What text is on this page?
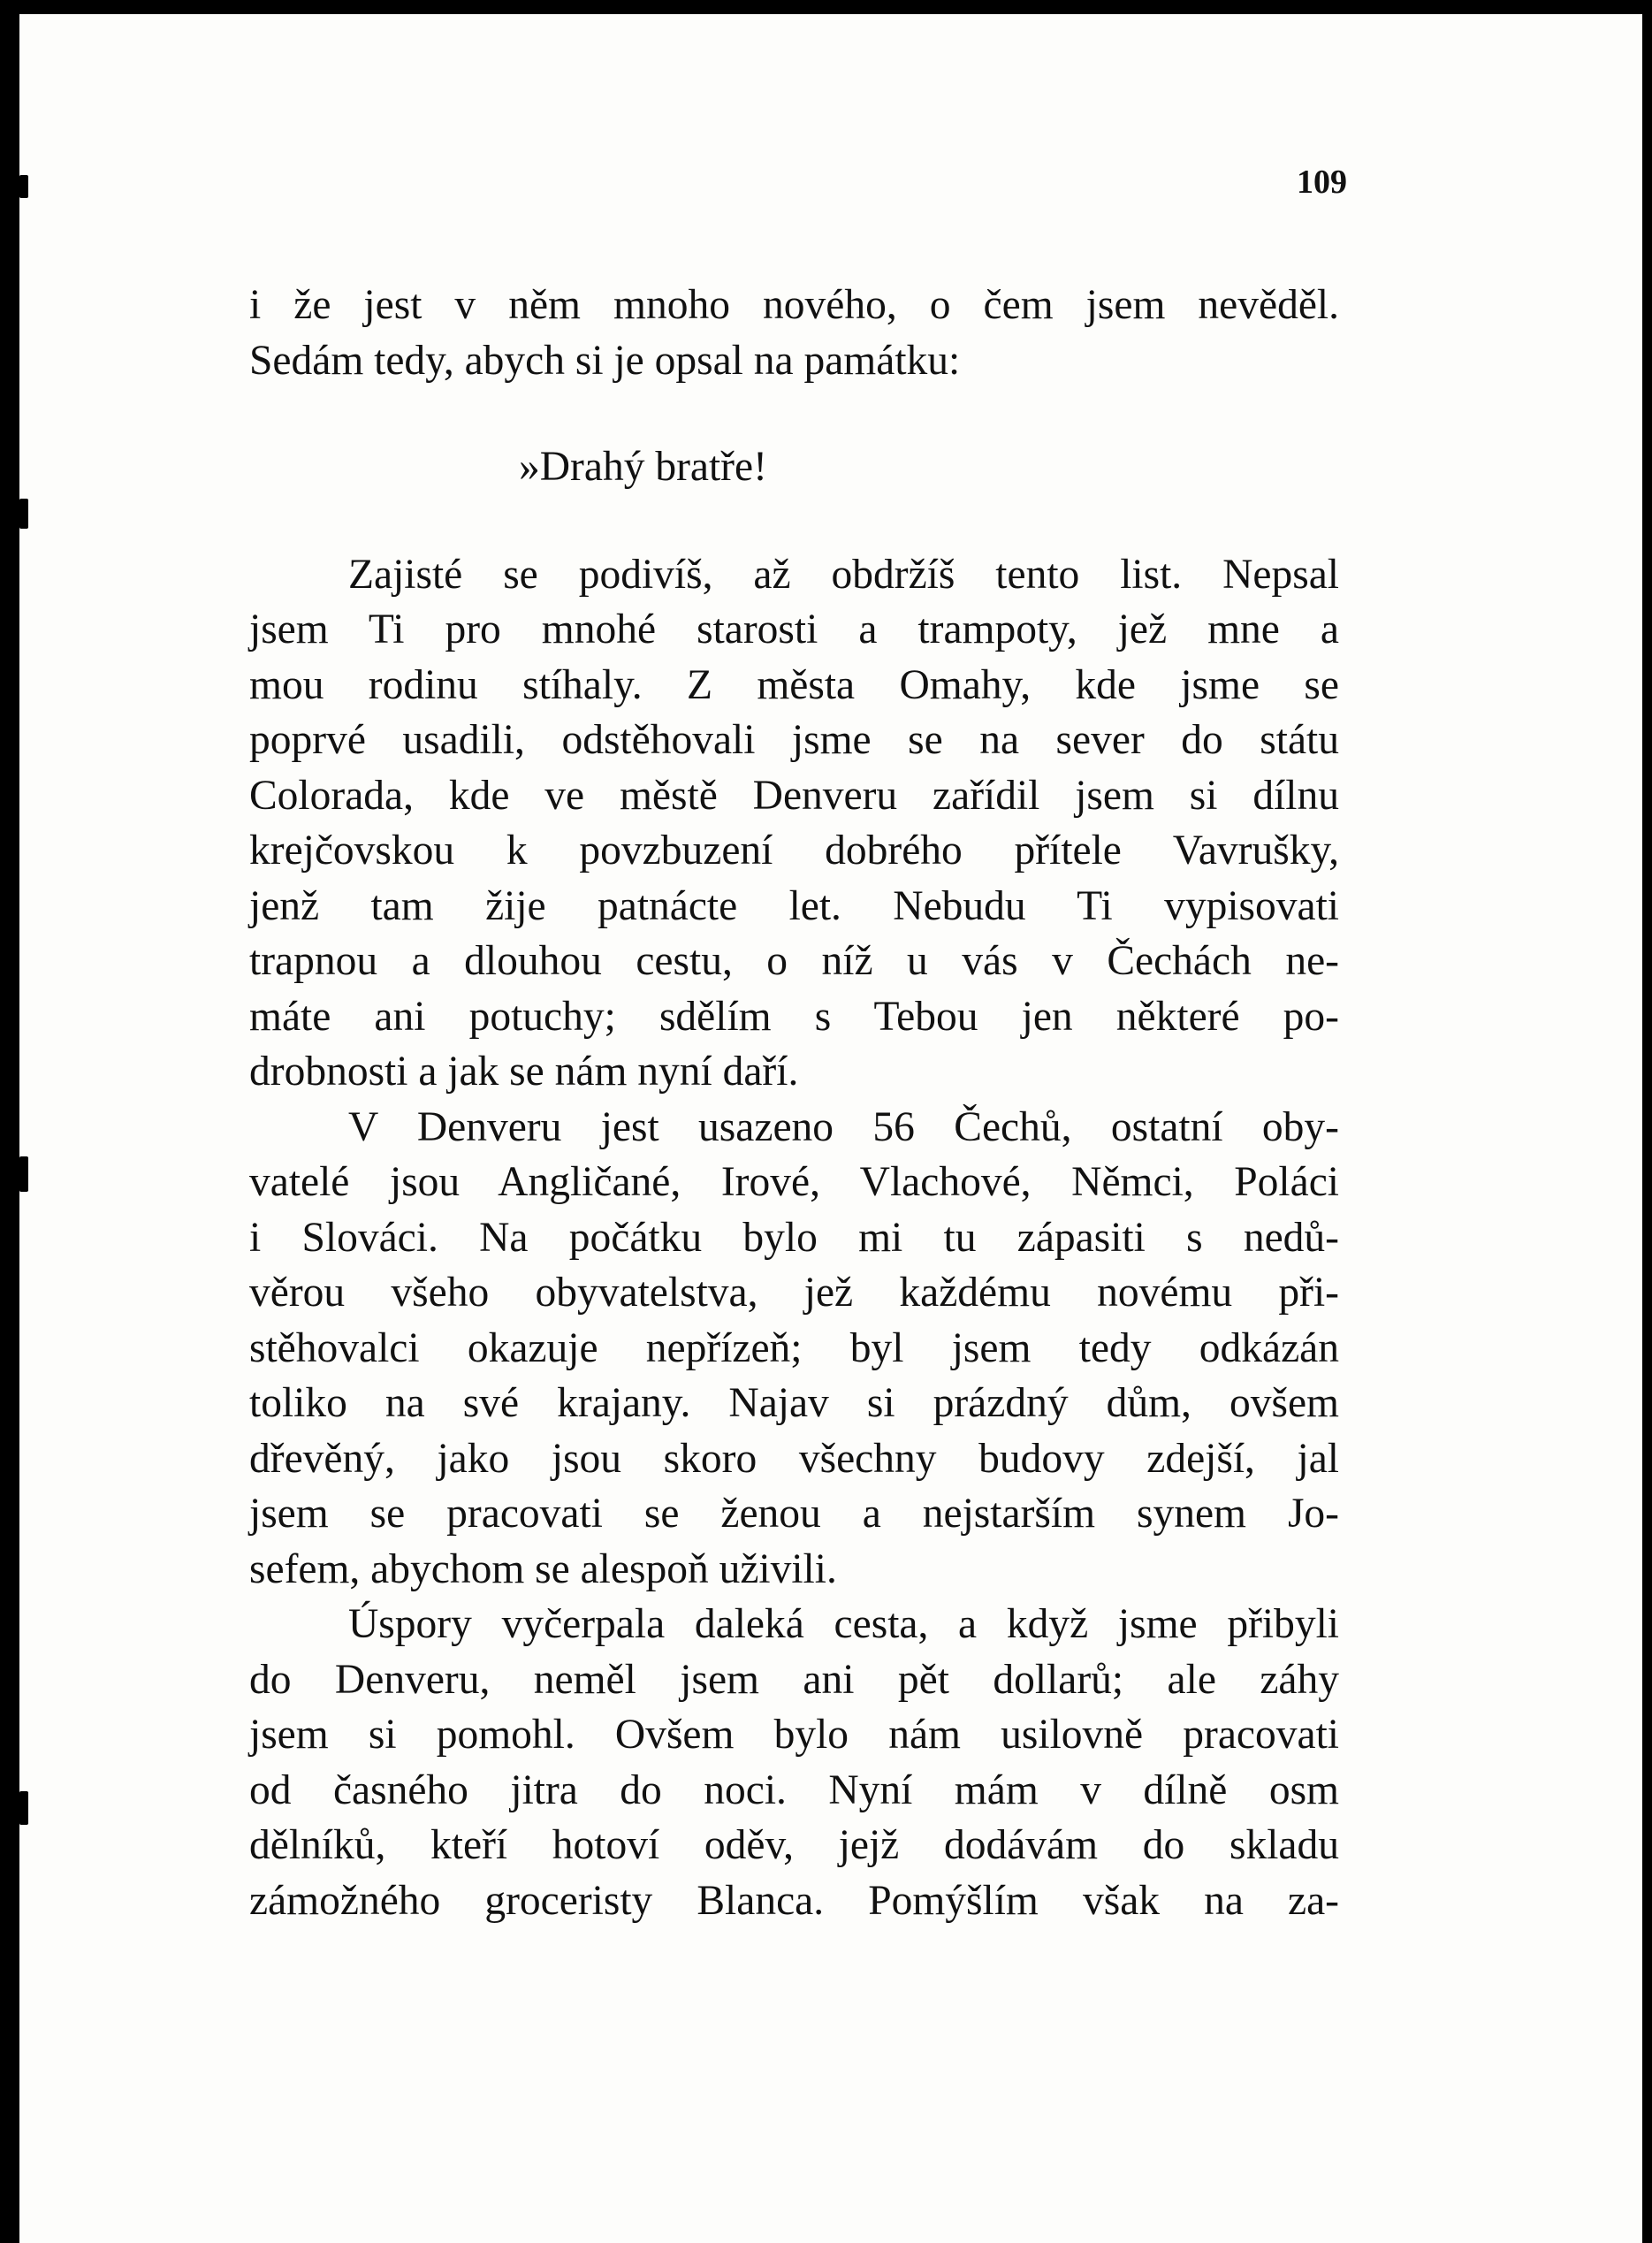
109
i že jest v něm mnoho nového, o čem jsem nevěděl.
Sedám tedy, abych si je opsal na památku:
»Drahý bratře!
Zajisté se podivíš, až obdržíš tento list. Nepsal
jsem Ti pro mnohé starosti a trampoty, jež mne a
mou rodinu stíhaly. Z města Omahy, kde jsme se
poprvé usadili, odstěhovali jsme se na sever do státu
Colorada, kde ve městě Denveru zařídil jsem si dílnu
krejčovskou k povzbuzení dobrého přítele Vavrušky,
jenž tam žije patnácte let. Nebudu Ti vypisovati
trapnou a dlouhou cestu, o níž u vás v Čechách ne-
máte ani potuchy; sdělím s Tebou jen některé po-
drobnosti a jak se nám nyní daří.
V Denveru jest usazeno 56 Čechů, ostatní oby-
vatelé jsou Angličané, Irové, Vlachové, Němci, Poláci
i Slováci. Na počátku bylo mi tu zápasiti s nedů-
věrou všeho obyvatelstva, jež každému novému při-
stěhovalci okazuje nepřízeň; byl jsem tedy odkázán
toliko na své krajany. Najav si prázdný dům, ovšem
dřevěný, jako jsou skoro všechny budovy zdejší, jal
jsem se pracovati se ženou a nejstarším synem Jo-
sefem, abychom se alespoň uživili.
Úspory vyčerpala daleká cesta, a když jsme přibyli
do Denveru, neměl jsem ani pět dollarů; ale záhy
jsem si pomohl. Ovšem bylo nám usilovně pracovati
od časného jitra do noci. Nyní mám v dílně osm
dělníků, kteří hotoví oděv, jejž dodávám do skladu
zámožného groceristy Blanca. Pomýšlím však na za-
